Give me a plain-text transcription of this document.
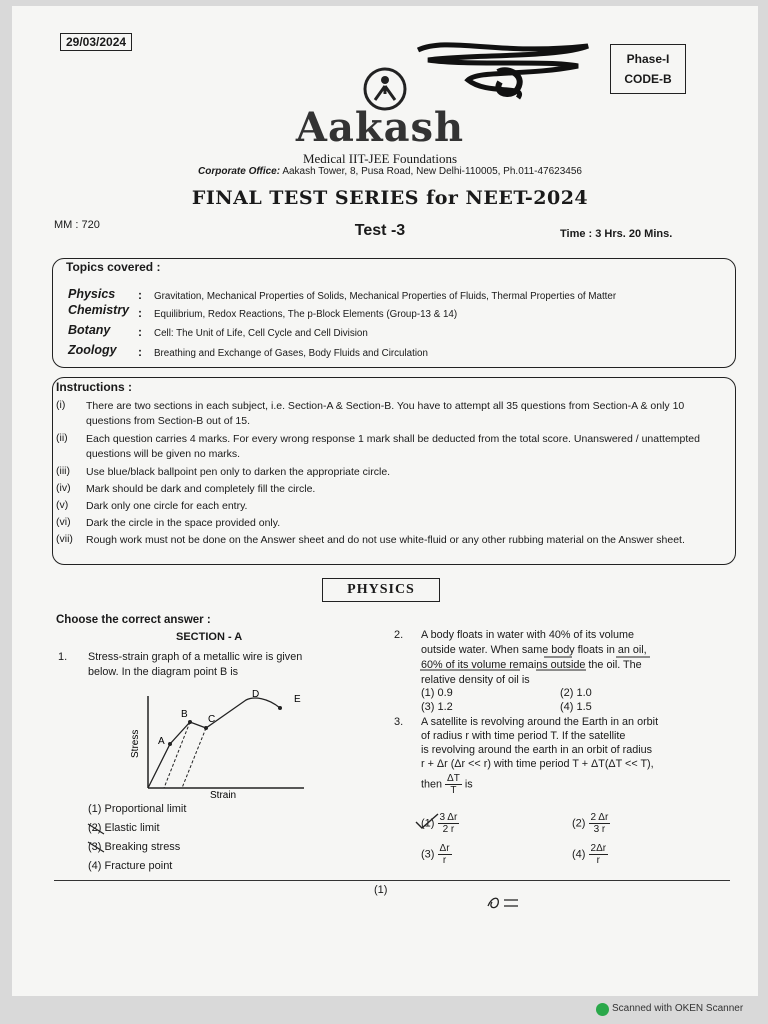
29/03/2024
Phase-I
CODE-B
Aakash
Medical IIT-JEE Foundations
Corporate Office: Aakash Tower, 8, Pusa Road, New Delhi-110005, Ph.011-47623456
FINAL TEST SERIES for NEET-2024
MM : 720	Test -3	Time : 3 Hrs. 20 Mins.
Topics covered :
Physics : Gravitation, Mechanical Properties of Solids, Mechanical Properties of Fluids, Thermal Properties of Matter
Chemistry : Equilibrium, Redox Reactions, The p-Block Elements (Group-13 & 14)
Botany : Cell: The Unit of Life, Cell Cycle and Cell Division
Zoology : Breathing and Exchange of Gases, Body Fluids and Circulation
Instructions :
(i) There are two sections in each subject, i.e. Section-A & Section-B. You have to attempt all 35 questions from Section-A & only 10 questions from Section-B out of 15.
(ii) Each question carries 4 marks. For every wrong response 1 mark shall be deducted from the total score. Unanswered / unattempted questions will be given no marks.
(iii) Use blue/black ballpoint pen only to darken the appropriate circle.
(iv) Mark should be dark and completely fill the circle.
(v) Dark only one circle for each entry.
(vi) Dark the circle in the space provided only.
(vii) Rough work must not be done on the Answer sheet and do not use white-fluid or any other rubbing material on the Answer sheet.
PHYSICS
Choose the correct answer :
SECTION - A
1. Stress-strain graph of a metallic wire is given
below. In the diagram point B is
A
B C
D	E
Stress
Strain
(1) Proportional limit
(2) Elastic limit
(3) Breaking stress
(4) Fracture point
2. A body floats in water with 40% of its volume
outside water. When same body floats in an oil,
60% of its volume remains outside the oil. The
relative density of oil is
(1) 0.9	(2) 1.0
(3) 1.2	(4) 1.5
3. A satellite is revolving around the Earth in an orbit
of radius r with time period T. If the satellite
is revolving around the earth in an orbit of radius
r + Δr (Δr << r) with time period T + ΔT(ΔT << T),
then $\frac{\Delta T}{T}$ is
$(1) \frac{3 \Delta r}{2 r}$	$(2) \frac{2 \Delta r}{3 r}$
$(3) \frac{\Delta r}{r}$	$(4) \frac{2\Delta r}{r}$
(1)
Scanned with OKEN Scanner
